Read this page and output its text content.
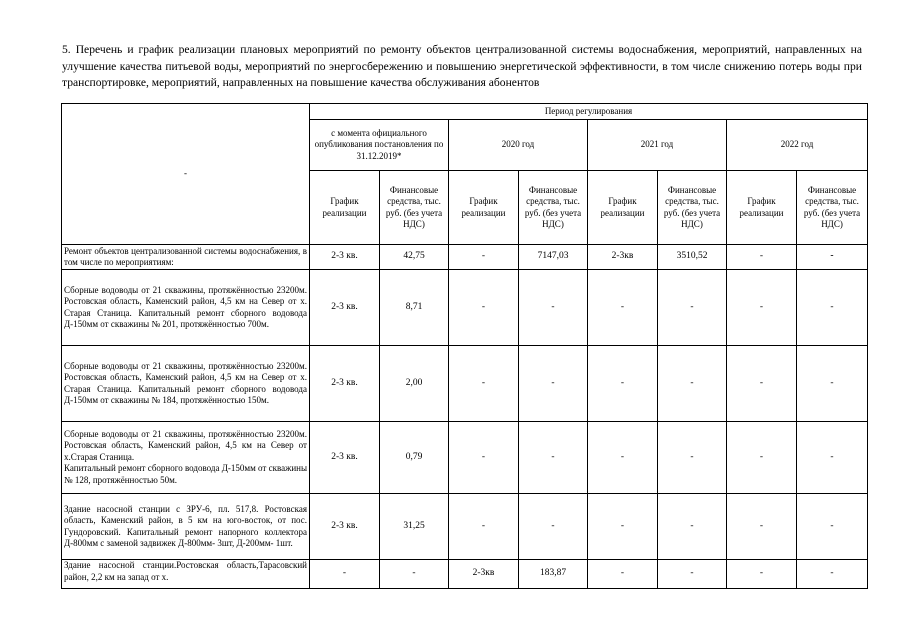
5. Перечень и график реализации плановых мероприятий по ремонту объектов централизованной системы водоснабжения, мероприятий, направленных на улучшение качества питьевой воды, мероприятий по энергосбережению и повышению энергетической эффективности, в том числе снижению потерь воды при транспортировке, мероприятий, направленных на повышение качества обслуживания абонентов
-	Период регулирования							
	с момента официального опубликования постановления по 31.12.2019*		2020 год		2021 год		2022 год	
	График реализации	Финансовые средства, тыс. руб. (без учета НДС)	График реализации	Финансовые средства, тыс. руб. (без учета НДС)	График реализации	Финансовые средства, тыс. руб. (без учета НДС)	График реализации	Финансовые средства, тыс. руб. (без учета НДС)
Ремонт объектов централизованной системы водоснабжения, в том числе по мероприятиям:	2-3 кв.	42,75	-	7147,03	2-3кв	3510,52	-	-
Сборные водоводы от 21 скважины, протяжённостью 23200м. Ростовская область, Каменский район, 4,5 км на Север от х. Старая Станица. Капитальный ремонт сборного водовода Д-150мм от скважины № 201, протяжённостью 700м.	2-3 кв.	8,71	-	-	-	-	-	-
Сборные водоводы от 21 скважины, протяжённостью 23200м. Ростовская область, Каменский район, 4,5 км на Север от х. Старая Станица. Капитальный ремонт сборного водовода Д-150мм от скважины № 184, протяжённостью 150м.	2-3 кв.	2,00	-	-	-	-	-	-
Сборные водоводы от 21 скважины, протяжённостью 23200м. Ростовская область, Каменский район, 4,5 км на Север от х.Старая Станица.
Капитальный ремонт сборного водовода Д-150мм от скважины № 128, протяжённостью 50м.	2-3 кв.	0,79	-	-	-	-	-	-
Здание насосной станции с ЗРУ-6, пл. 517,8. Ростовская область, Каменский район, в 5 км на юго-восток, от пос. Гундоровский. Капитальный ремонт напорного коллектора Д-800мм с заменой задвижек Д-800мм- 3шт, Д-200мм- 1шт.	2-3 кв.	31,25	-	-	-	-	-	-
Здание насосной станции.Ростовская область,Тарасовский район, 2,2 км на запад от х.	-	-	2-3кв	183,87	-	-	-	-
